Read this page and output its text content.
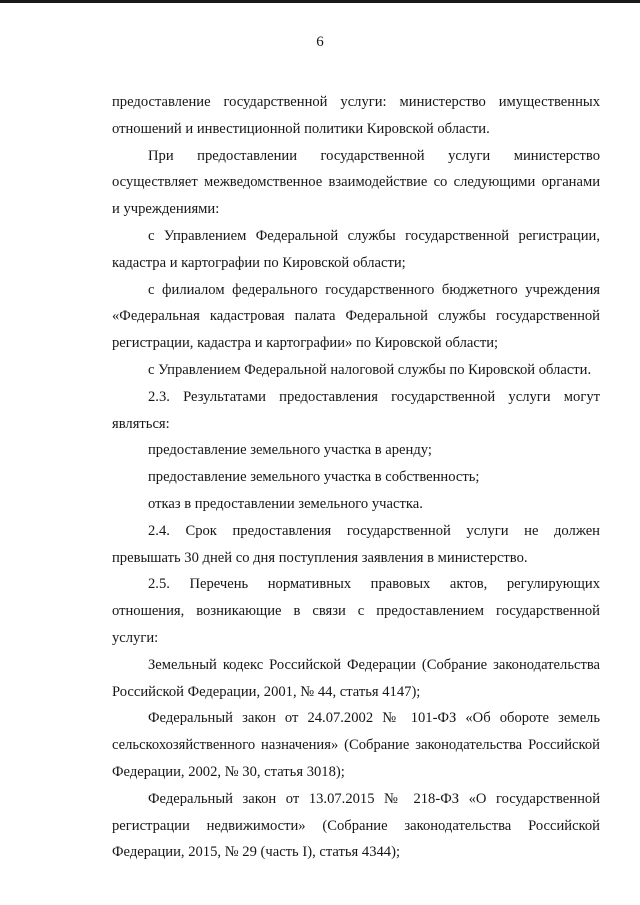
6

предоставление государственной услуги: министерство имущественных

отношений и инвестиционной политики Кировской области.

При предоставлении государственной услуги министерство

осуществляет межведомственное взаимодействие со следующими органами

и учреждениями:

с Управлением Федеральной службы государственной регистрации,

кадастра и картографии по Кировской области;

с филиалом федерального государственного бюджетного учреждения

«Федеральная кадастровая палата Федеральной службы государственной

регистрации, кадастра и картографии» по Кировской области;

с Управлением Федеральной налоговой службы по Кировской области.

2.3. Результатами предоставления государственной услуги могут

являться:

предоставление земельного участка в аренду;

предоставление земельного участка в собственность;

отказ в предоставлении земельного участка.

2.4. Срок предоставления государственной услуги не должен

превышать 30 дней со дня поступления заявления в министерство.

2.5. Перечень нормативных правовых актов, регулирующих

отношения, возникающие в связи с предоставлением государственной

услуги:

Земельный кодекс Российской Федерации (Собрание законодательства

Российской Федерации, 2001, № 44, статья 4147);

Федеральный закон от 24.07.2002 № 101-ФЗ «Об обороте земель

сельскохозяйственного назначения» (Собрание законодательства Российской

Федерации, 2002, № 30, статья 3018);

Федеральный закон от 13.07.2015 № 218-ФЗ «О государственной

регистрации недвижимости» (Собрание законодательства Российской

Федерации, 2015, № 29 (часть I), статья 4344);
